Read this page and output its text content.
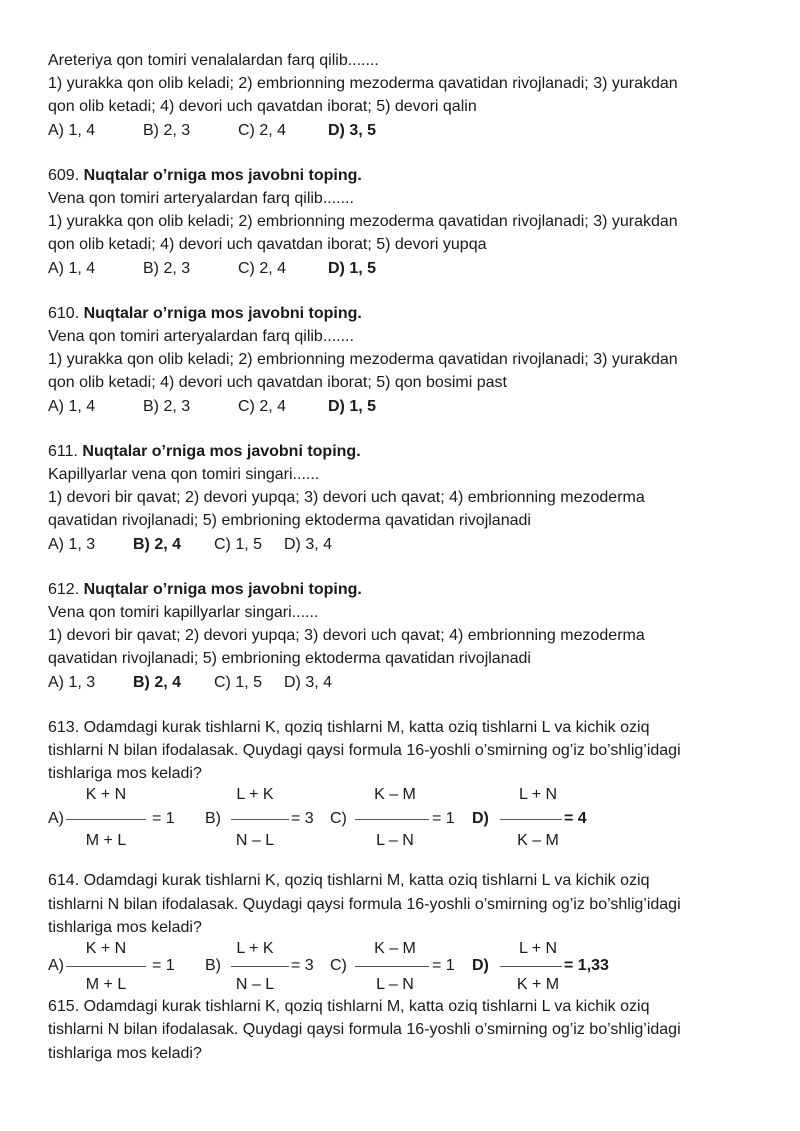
Areteriya qon tomiri venalalardan farq qilib.......
1) yurakka qon olib keladi; 2) embrionning mezoderma qavatidan rivojlanadi; 3) yurakdan
qon olib ketadi; 4) devori uch qavatdan iborat; 5) devori qalin
A) 1, 4	B) 2, 3	C) 2, 4	D) 3, 5
609. Nuqtalar o’rniga mos javobni toping.
Vena qon tomiri arteryalardan farq qilib.......
1) yurakka qon olib keladi; 2) embrionning mezoderma qavatidan rivojlanadi; 3) yurakdan
qon olib ketadi; 4) devori uch qavatdan iborat; 5) devori yupqa
A) 1, 4	B) 2, 3	C) 2, 4	D) 1, 5
610. Nuqtalar o’rniga mos javobni toping.
Vena qon tomiri arteryalardan farq qilib.......
1) yurakka qon olib keladi; 2) embrionning mezoderma qavatidan rivojlanadi; 3) yurakdan
qon olib ketadi; 4) devori uch qavatdan iborat; 5) qon bosimi past
A) 1, 4	B) 2, 3	C) 2, 4	D) 1, 5
611. Nuqtalar o’rniga mos javobni toping.
Kapillyarlar vena qon tomiri singari......
1) devori bir qavat; 2) devori yupqa; 3) devori uch qavat; 4) embrionning mezoderma
qavatidan rivojlanadi; 5) embrioning ektoderma qavatidan rivojlanadi
A) 1, 3	B) 2, 4	C) 1, 5	D) 3, 4
612. Nuqtalar o’rniga mos javobni toping.
Vena qon tomiri kapillyarlar singari......
1) devori bir qavat; 2) devori yupqa; 3) devori uch qavat; 4) embrionning mezoderma
qavatidan rivojlanadi; 5) embrioning ektoderma qavatidan rivojlanadi
A) 1, 3	B) 2, 4	C) 1, 5	D) 3, 4
613. Odamdagi kurak tishlarni K, qoziq tishlarni M, katta oziq tishlarni L va kichik oziq
tishlarni N bilan ifodalasak. Quydagi qaysi formula 16-yoshli o’smirning og’iz bo’shlig’idagi
tishlariga mos keladi?
A)
K + N
M + L
= 1 B)
L + K
N – L
= 3 C)
K – M
L – N
= 1 D)
L + N
K – M
= 4
614. Odamdagi kurak tishlarni K, qoziq tishlarni M, katta oziq tishlarni L va kichik oziq
tishlarni N bilan ifodalasak. Quydagi qaysi formula 16-yoshli o’smirning og’iz bo’shlig’idagi
tishlariga mos keladi?
A)
K + N
M + L
= 1 B)
L + K
N – L
= 3 C)
K – M
L – N
= 1 D)
L + N
K + M
= 1,33
615. Odamdagi kurak tishlarni K, qoziq tishlarni M, katta oziq tishlarni L va kichik oziq
tishlarni N bilan ifodalasak. Quydagi qaysi formula 16-yoshli o’smirning og’iz bo’shlig’idagi
tishlariga mos keladi?
